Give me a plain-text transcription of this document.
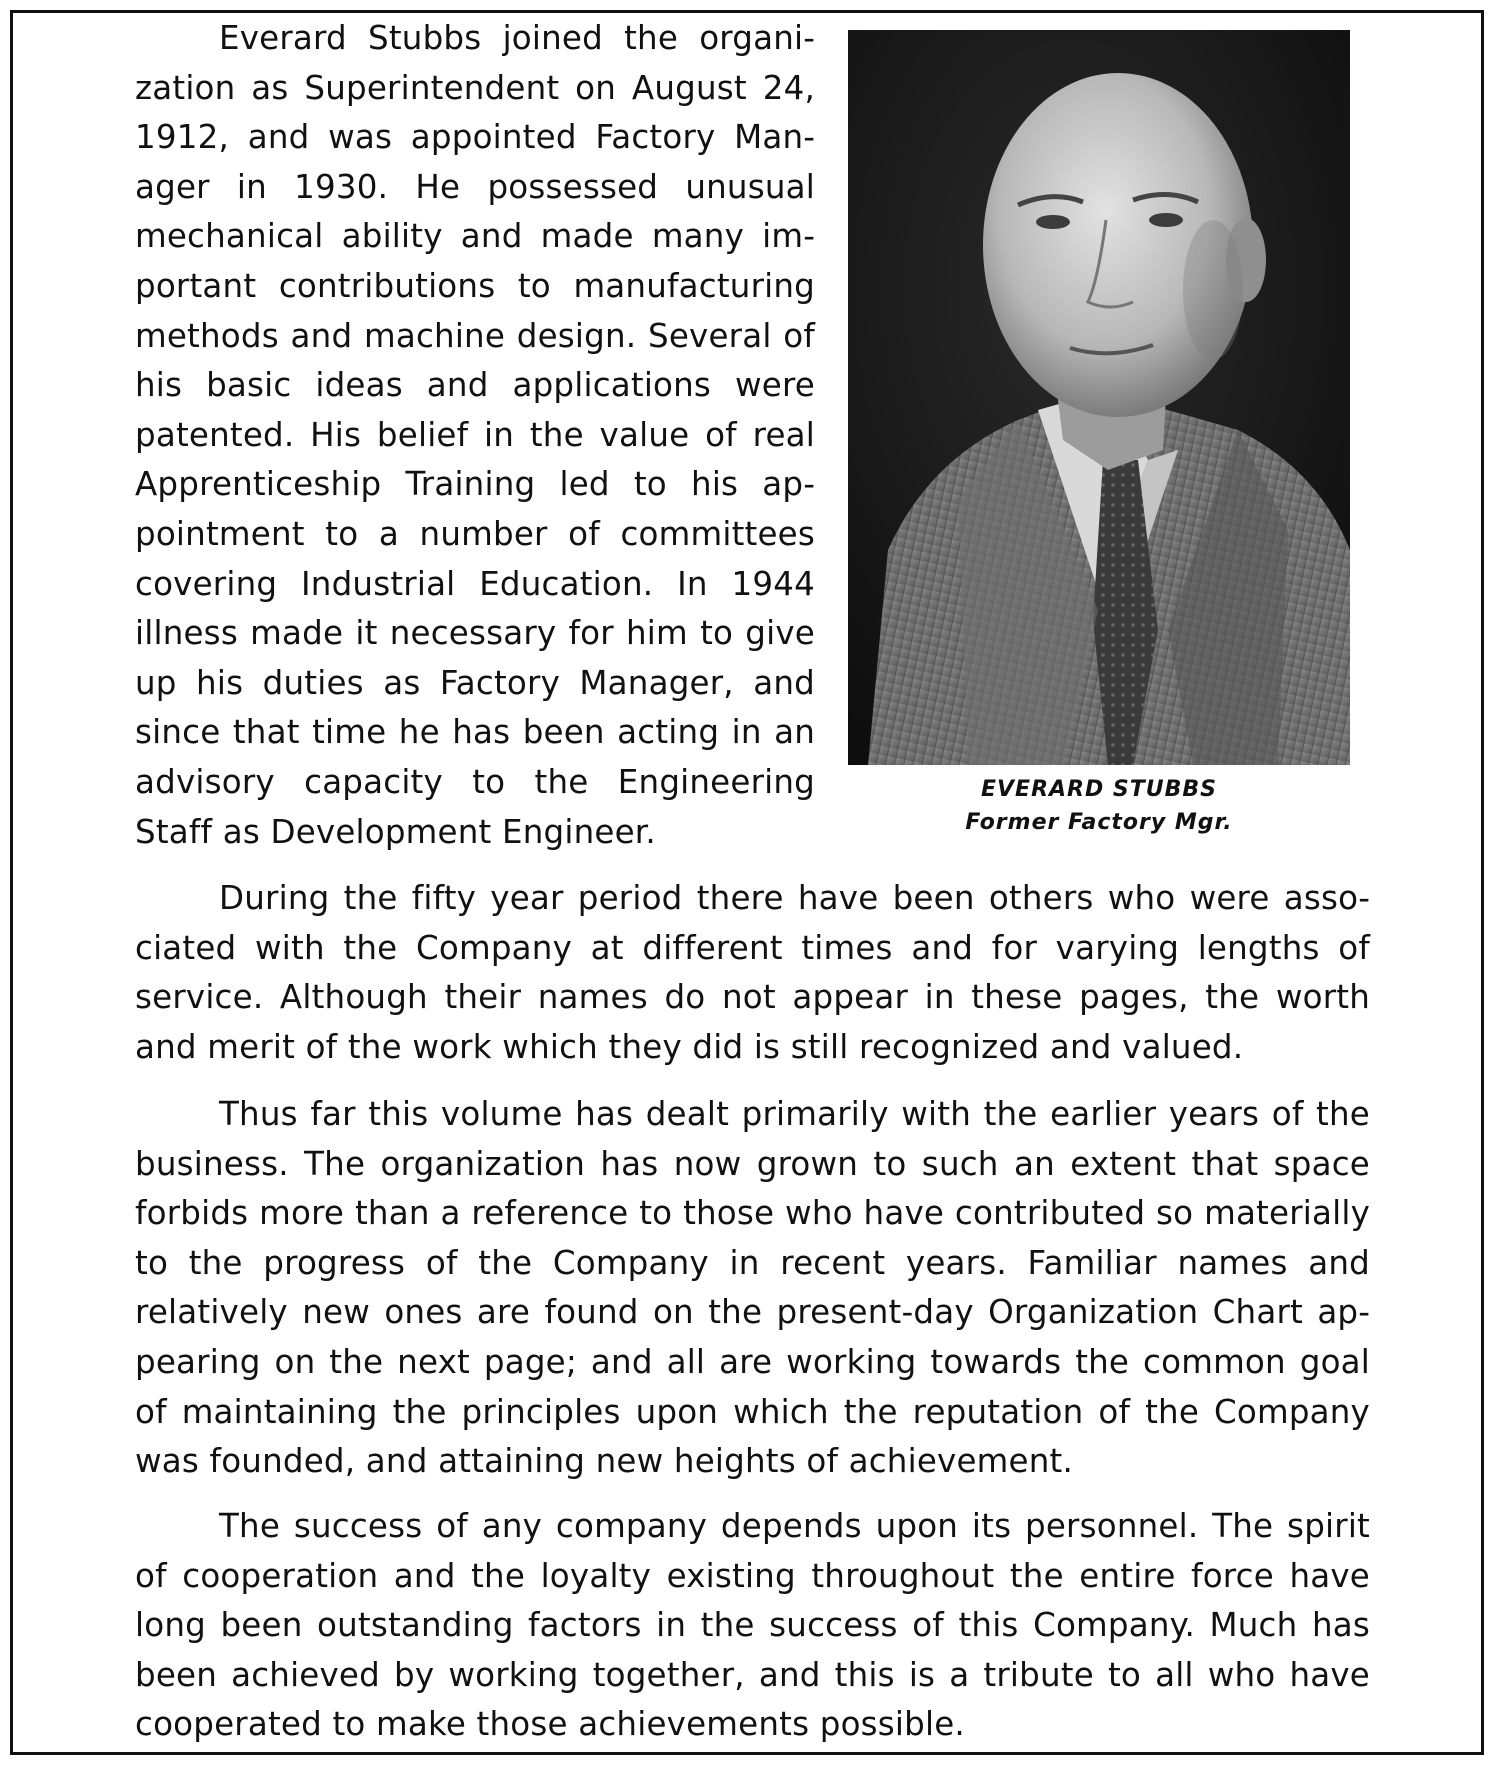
Everard Stubbs joined the organization as Superintendent on August 24, 1912, and was appointed Factory Manager in 1930. He possessed unusual mechanical ability and made many important contributions to manufacturing methods and machine design. Several of his basic ideas and applications were patented. His belief in the value of real Apprenticeship Training led to his appointment to a number of committees covering Industrial Education. In 1944 illness made it necessary for him to give up his duties as Factory Manager, and since that time he has been acting in an advisory capacity to the Engineering Staff as Development Engineer.

EVERARD STUBBS
Former Factory Mgr.

During the fifty year period there have been others who were associated with the Company at different times and for varying lengths of service. Although their names do not appear in these pages, the worth and merit of the work which they did is still recognized and valued.

Thus far this volume has dealt primarily with the earlier years of the business. The organization has now grown to such an extent that space forbids more than a reference to those who have contributed so materially to the progress of the Company in recent years. Familiar names and relatively new ones are found on the present-day Organization Chart appearing on the next page; and all are working towards the common goal of maintaining the principles upon which the reputation of the Company was founded, and attaining new heights of achievement.

The success of any company depends upon its personnel. The spirit of cooperation and the loyalty existing throughout the entire force have long been outstanding factors in the success of this Company. Much has been achieved by working together, and this is a tribute to all who have cooperated to make those achievements possible.
